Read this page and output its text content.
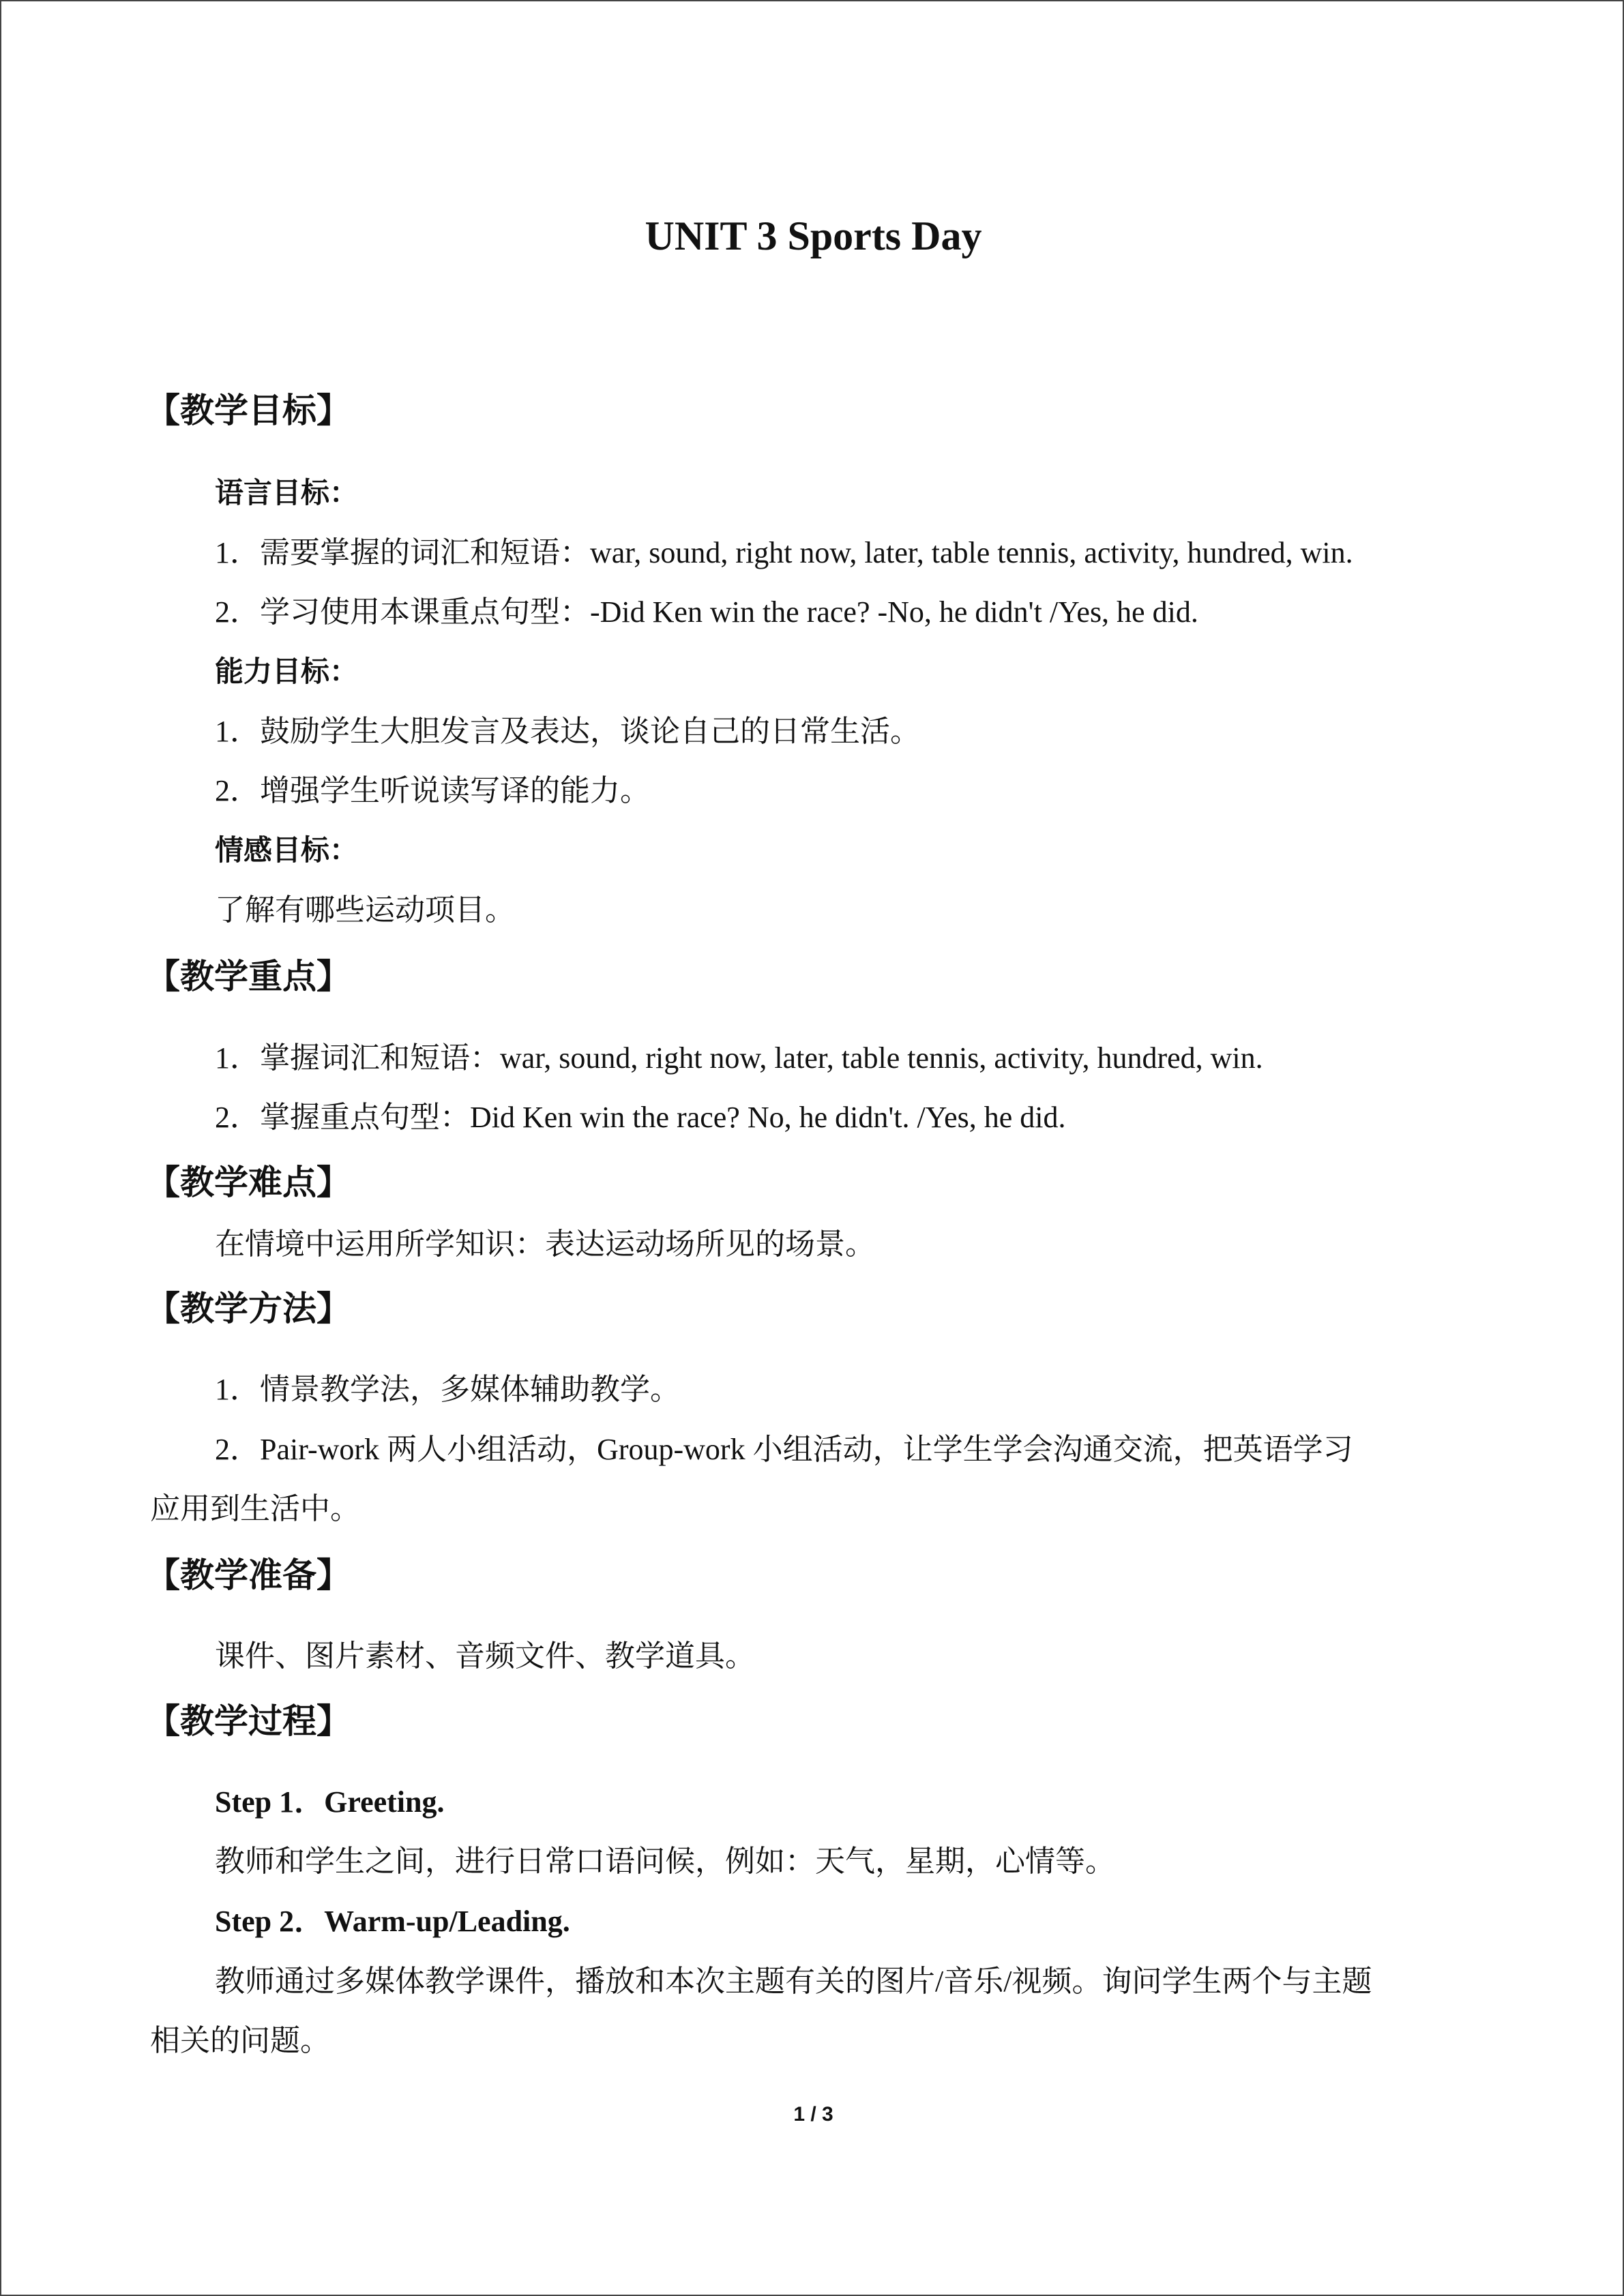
UNIT 3 Sports Day
【教学目标】
语言目标：
1．需要掌握的词汇和短语：war, sound, right now, later, table tennis, activity, hundred, win.
2．学习使用本课重点句型：-Did Ken win the race? -No, he didn't /Yes, he did.
能力目标：
1．鼓励学生大胆发言及表达，谈论自己的日常生活。
2．增强学生听说读写译的能力。
情感目标：
了解有哪些运动项目。
【教学重点】
1．掌握词汇和短语：war, sound, right now, later, table tennis, activity, hundred, win.
2．掌握重点句型：Did Ken win the race? No, he didn't. /Yes, he did.
【教学难点】
在情境中运用所学知识：表达运动场所见的场景。
【教学方法】
1．情景教学法，多媒体辅助教学。
2．Pair-work 两人小组活动，Group-work 小组活动，让学生学会沟通交流，把英语学习
应用到生活中。
【教学准备】
课件、图片素材、音频文件、教学道具。
【教学过程】
Step 1．Greeting.
教师和学生之间，进行日常口语问候，例如：天气，星期，心情等。
Step 2．Warm-up/Leading.
教师通过多媒体教学课件，播放和本次主题有关的图片/音乐/视频。询问学生两个与主题
相关的问题。
1 / 3
